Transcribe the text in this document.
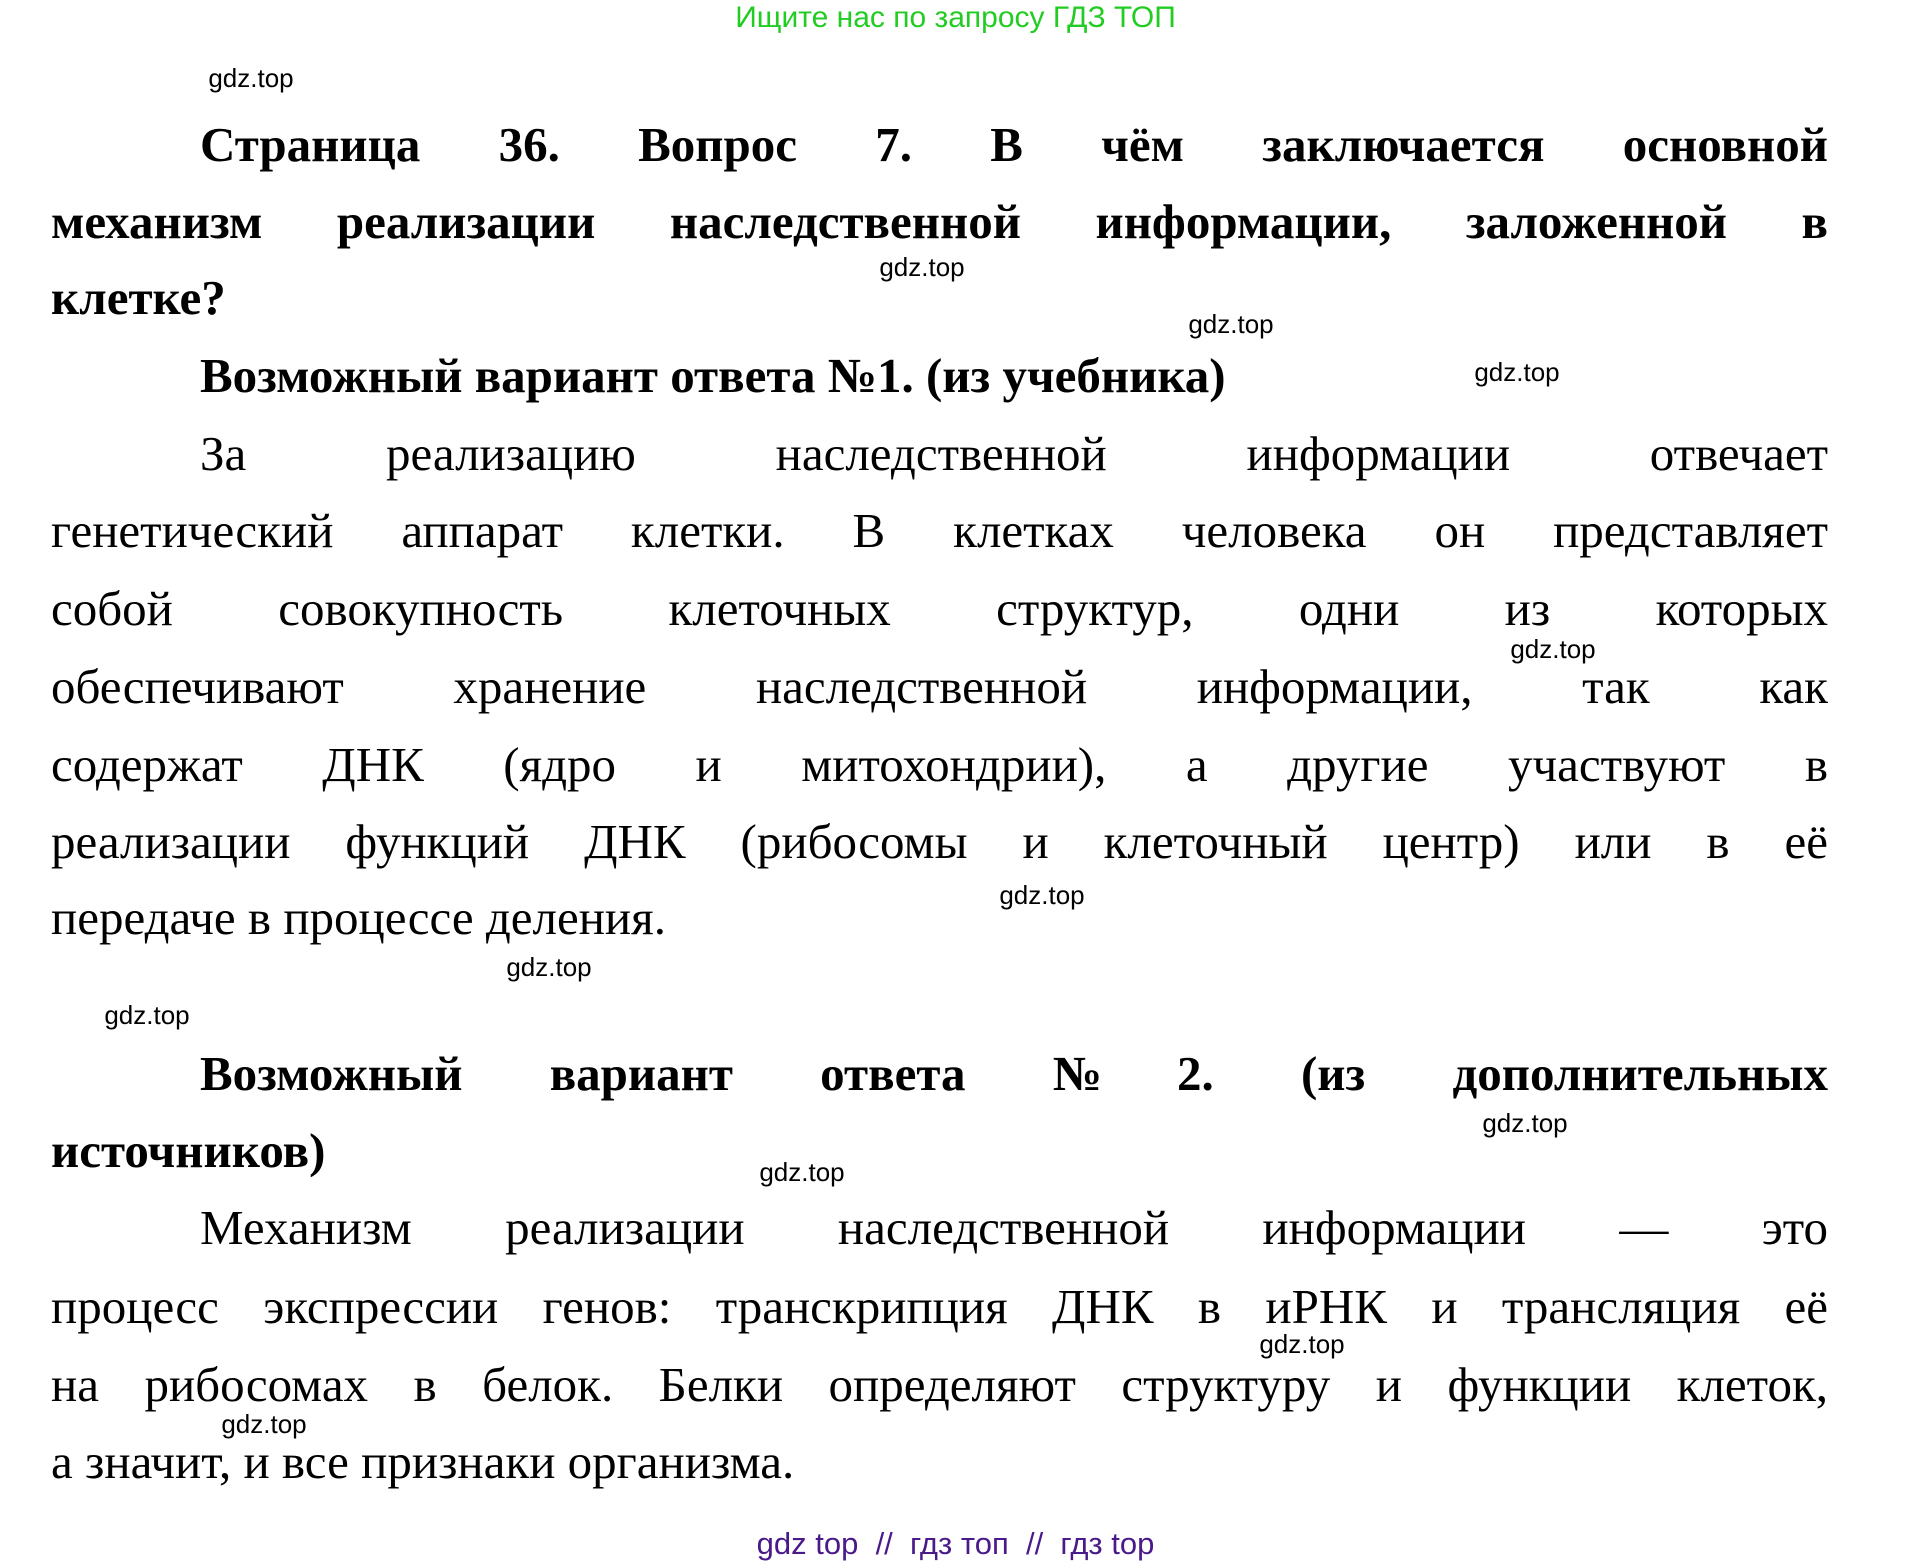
Ищите нас по запросу ГДЗ ТОП
Страница 36. Вопрос 7. В чём заключается основной
механизм реализации наследственной информации, заложенной в
клетке?
Возможный вариант ответа №1. (из учебника)
За реализацию наследственной информации отвечает
генетический аппарат клетки. В клетках человека он представляет
собой совокупность клеточных структур, одни из которых
обеспечивают хранение наследственной информации, так как
содержат ДНК (ядро и митохондрии), а другие участвуют в
реализации функций ДНК (рибосомы и клеточный центр) или в её
передаче в процессе деления.
Возможный вариант ответа №2. (из дополнительных
источников)
Механизм реализации наследственной информации — это
процесс экспрессии генов: транскрипция ДНК в иРНК и трансляция её
на рибосомах в белок. Белки определяют структуру и функции клеток,
а значит, и все признаки организма.
gdz.top
gdz.top
gdz.top
gdz.top
gdz.top
gdz.top
gdz.top
gdz.top
gdz.top
gdz.top
gdz.top
gdz.top
gdz top  //  гдз топ  //  гдз top
